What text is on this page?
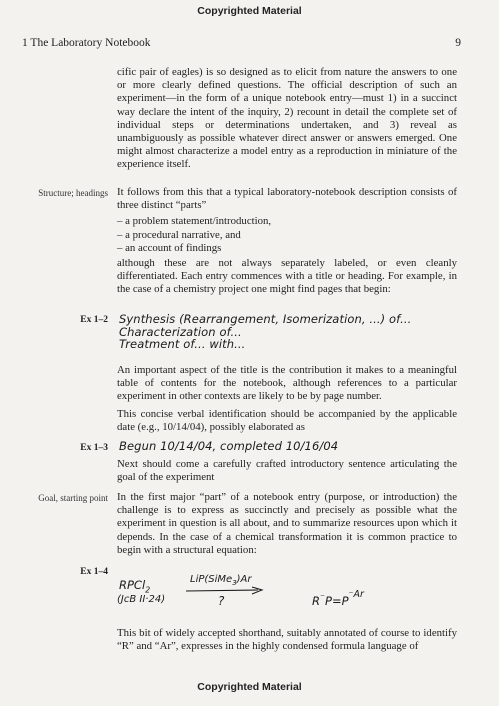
Copyrighted Material
1 The Laboratory Notebook	9

cific pair of eagles) is so designed as to elicit from nature the answers to one or more clearly defined questions. The official description of such an experiment—in the form of a unique notebook entry—must 1) in a succinct way declare the intent of the inquiry, 2) recount in detail the complete set of individual steps or determinations undertaken, and 3) reveal as unambiguously as possible whatever direct answer or answers emerged. One might almost characterize a model entry as a reproduction in miniature of the experience itself.

Structure; headings It follows from this that a typical laboratory-notebook description consists of three distinct “parts”

– a problem statement/introduction,
– a procedural narrative, and
– an account of findings

although these are not always separately labeled, or even cleanly differentiated. Each entry commences with a title or heading. For example, in the case of a chemistry project one might find pages that begin:

Ex 1–2 Synthesis (Rearrangement, Isomerization, ...) of...
Characterization of...
Treatment of... with...

An important aspect of the title is the contribution it makes to a meaningful table of contents for the notebook, although references to a particular experiment in other contexts are likely to be by page number.

This concise verbal identification should be accompanied by the applicable date (e.g., 10/14/04), possibly elaborated as

Ex 1–3 Begun 10/14/04, completed 10/16/04

Next should come a carefully crafted introductory sentence articulating the goal of the experiment

Goal, starting point In the first major “part” of a notebook entry (purpose, or introduction) the challenge is to express as succinctly and precisely as possible what the experiment in question is all about, and to summarize resources upon which it depends. In the case of a chemical transformation it is common practice to begin with a structural equation:

Ex 1–4
RPCl$_2$
(JcB II·24)
LiP(SiMe$_3$)Ar
?	$R^{^-}P=P^{^-Ar}$

This bit of widely accepted shorthand, suitably annotated of course to identify “R” and “Ar”, expresses in the highly condensed formula language of

Copyrighted Material
